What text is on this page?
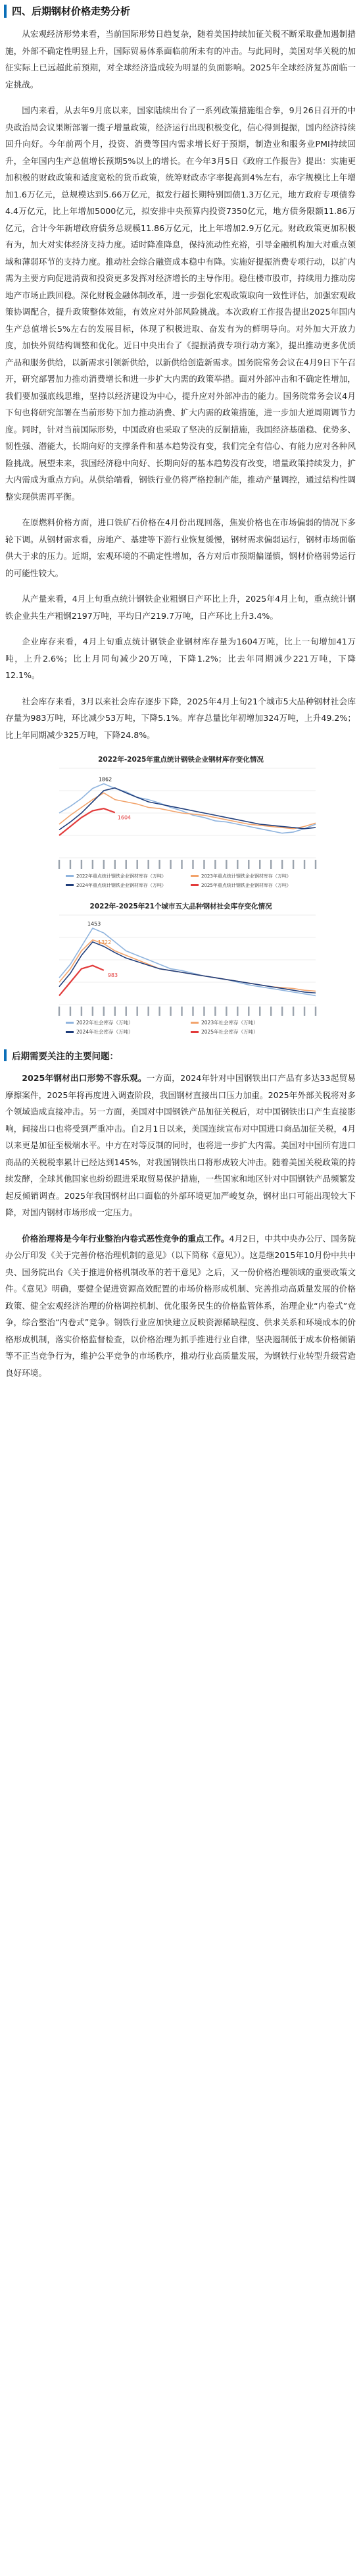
四、后期钢材价格走势分析

从宏观经济形势来看，当前国际形势日趋复杂，随着美国持续加征关税不断采取叠加遏制措施，外部不确定性明显上升，国际贸易体系面临前所未有的冲击。与此同时，美国对华关税的加征实际上已远超此前预期，对全球经济造成较为明显的负面影响。2025年全球经济复苏面临一定挑战。

国内来看，从去年9月底以来，国家陆续出台了一系列政策措施组合拳，9月26日召开的中央政治局会议果断部署一揽子增量政策，经济运行出现积极变化，信心得到提振，国内经济持续回升向好。今年前两个月，投资、消费等国内需求增长好于预期，制造业和服务业PMI持续回升，全年国内生产总值增长预期5%以上的增长。在今年3月5日《政府工作报告》提出：实施更加积极的财政政策和适度宽松的货币政策，统筹财政赤字率提高到4%左右，赤字规模比上年增加1.6万亿元，总规模达到5.66万亿元，拟发行超长期特别国债1.3万亿元，地方政府专项债券4.4万亿元，比上年增加5000亿元，拟安排中央预算内投资7350亿元，地方债务限额11.86万亿元，合计今年新增政府债务总规模11.86万亿元，比上年增加2.9万亿元。财政政策更加积极有为，加大对实体经济支持力度。适时降准降息，保持流动性充裕，引导金融机构加大对重点领域和薄弱环节的支持力度。推动社会综合融资成本稳中有降。实施好提振消费专项行动，以扩内需为主要方向促进消费和投资更多发挥对经济增长的主导作用。稳住楼市股市，持续用力推动房地产市场止跌回稳。深化财税金融体制改革，进一步强化宏观政策取向一致性评估，加强宏观政策协调配合，提升政策整体效能，有效应对外部风险挑战。本次政府工作报告提出2025年国内生产总值增长5%左右的发展目标，体现了积极进取、奋发有为的鲜明导向。对外加大开放力度，加快外贸结构调整和优化。近日中央出台了《提振消费专项行动方案》，提出推动更多优质产品和服务供给，以新需求引领新供给，以新供给创造新需求。国务院常务会议在4月9日下午召开，研究部署加力推动消费增长和进一步扩大内需的政策举措。面对外部冲击和不确定性增加，我们要加强底线思维，坚持以经济建设为中心，提升应对外部冲击的能力。国务院常务会议4月下旬也将研究部署在当前形势下加力推动消费、扩大内需的政策措施，进一步加大逆周期调节力度。同时，针对当前国际形势，中国政府也采取了坚决的反制措施，我国经济基础稳、优势多、韧性强、潜能大，长期向好的支撑条件和基本趋势没有变，我们完全有信心、有能力应对各种风险挑战。展望未来，我国经济稳中向好、长期向好的基本趋势没有改变，增量政策持续发力，扩大内需成为重点方向。从供给端看，钢铁行业仍将严格控制产能，推动产量调控，通过结构性调整实现供需再平衡。

在原燃料价格方面，进口铁矿石价格在4月份出现回落，焦炭价格也在市场偏弱的情况下多轮下调。从钢材需求看，房地产、基建等下游行业恢复缓慢，钢材需求偏弱运行，钢材市场面临供大于求的压力。近期，宏观环境的不确定性增加，各方对后市预期偏谨慎，钢材价格弱势运行的可能性较大。

从产量来看，4月上旬重点统计钢铁企业粗钢日产环比上升，2025年4月上旬，重点统计钢铁企业共生产粗钢2197万吨，平均日产219.7万吨，日产环比上升3.4%。

企业库存来看，4月上旬重点统计钢铁企业钢材库存量为1604万吨，比上一旬增加41万吨，上升2.6%；比上月同旬减少20万吨，下降1.2%；比去年同期减少221万吨，下降12.1%。

社会库存来看，3月以来社会库存逐步下降，2025年4月上旬21个城市5大品种钢材社会库存量为983万吨，环比减少53万吨，下降5.1%。库存总量比年初增加324万吨，上升49.2%；比上年同期减少325万吨，下降24.8%。

2022年-2025年重点统计钢铁企业钢材库存变化情况
1862
1604
2022年重点统计钢铁企业钢材库存（万吨）	2023年重点统计钢铁企业钢材库存（万吨）
2024年重点统计钢铁企业钢材库存（万吨）	2025年重点统计钢铁企业钢材库存（万吨）
2022年-2025年21个城市五大品种钢材社会库存变化情况
1453
1322
983
2022年社会库存（万吨）	2023年社会库存（万吨）
2024年社会库存（万吨）	2025年社会库存（万吨）
后期需要关注的主要问题：

2025年钢材出口形势不容乐观。一方面，2024年针对中国钢铁出口产品有多达33起贸易摩擦案件，2025年将再度进入调查阶段，我国钢材直接出口压力加重。2025年外部关税将对多个领域造成直接冲击。另一方面，美国对中国钢铁产品加征关税后，对中国钢铁出口产生直接影响，间接出口也将受到严重冲击。自2月1日以来，美国连续宣布对中国进口商品加征关税，4月以来更是加征至极端水平。中方在对等反制的同时，也将进一步扩大内需。美国对中国所有进口商品的关税税率累计已经达到145%，对我国钢铁出口将形成较大冲击。随着美国关税政策的持续发酵，全球其他国家也纷纷跟进采取贸易保护措施，一些国家和地区针对中国钢铁产品频繁发起反倾销调查。2025年我国钢材出口面临的外部环境更加严峻复杂，钢材出口可能出现较大下降，对国内钢材市场形成一定压力。

价格治理将是今年行业整治内卷式恶性竞争的重点工作。4月2日，中共中央办公厅、国务院办公厅印发《关于完善价格治理机制的意见》（以下简称《意见》）。这是继2015年10月份中共中央、国务院出台《关于推进价格机制改革的若干意见》之后，又一份价格治理领域的重要政策文件。《意见》明确，要健全促进资源高效配置的市场价格形成机制、完善推动高质量发展的价格政策、健全宏观经济治理的价格调控机制、优化服务民生的价格监管体系，治理企业“内卷式”竞争，综合整治“内卷式”竞争。钢铁行业应加快建立反映资源稀缺程度、供求关系和环境成本的价格形成机制，落实价格监督检查，以价格治理为抓手推进行业自律，坚决遏制低于成本价格倾销等不正当竞争行为，维护公平竞争的市场秩序，推动行业高质量发展，为钢铁行业转型升级营造良好环境。
